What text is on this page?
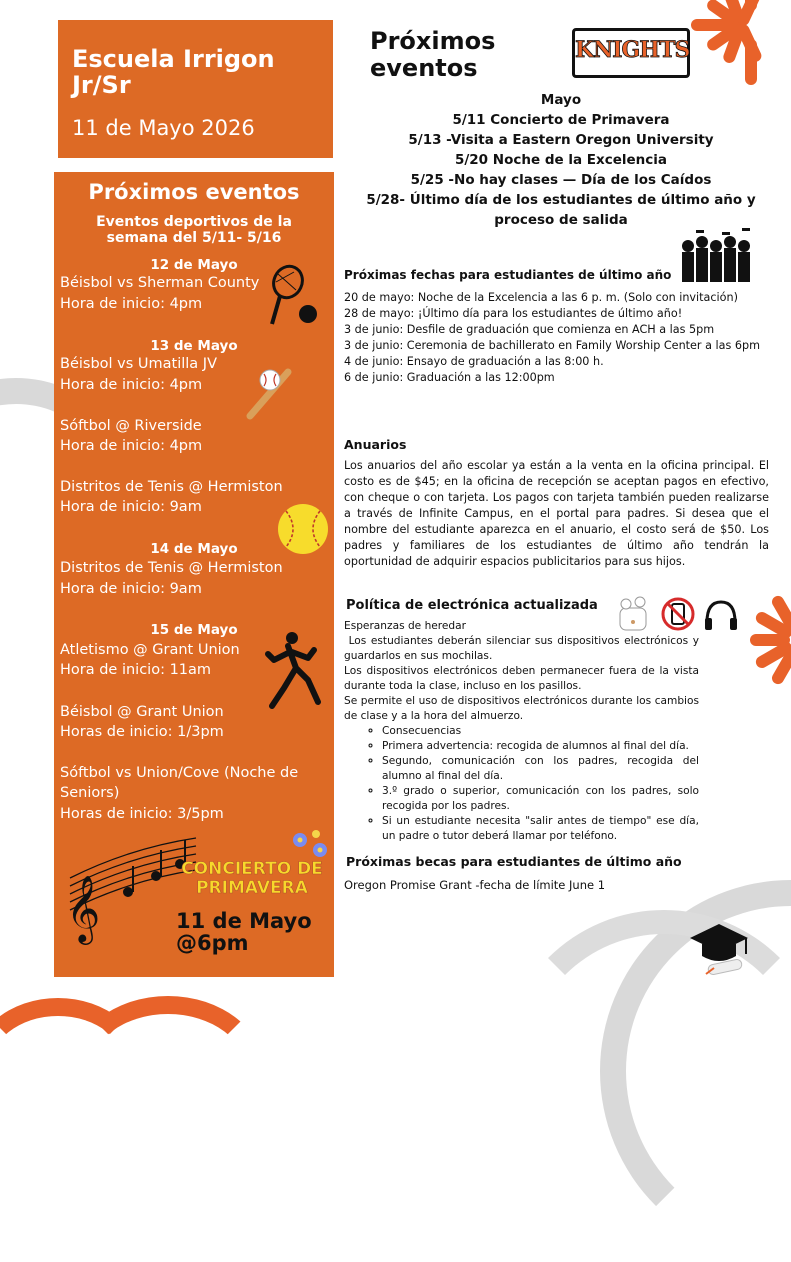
Escuela Irrigon Jr/Sr
11 de Mayo 2026
Próximos eventos
Eventos deportivos de la semana del 5/11- 5/16
12 de Mayo
Béisbol vs Sherman County
Hora de inicio: 4pm
13 de Mayo
Béisbol vs Umatilla JV
Hora de inicio: 4pm
Sóftbol @ Riverside
Hora de inicio: 4pm
Distritos de Tenis @ Hermiston
Hora de inicio: 9am
14 de Mayo
Distritos de Tenis @ Hermiston
Hora de inicio: 9am
15 de Mayo
Atletismo @ Grant Union
Hora de inicio: 11am
Béisbol @ Grant Union
Horas de inicio: 1/3pm
Sóftbol vs Union/Cove (Noche de
Seniors)
Horas de inicio: 3/5pm
𝄞
CONCIERTO DE
PRIMAVERA
11 de Mayo
@6pm
Próximos
eventos
KNIGHTS
Mayo
5/11 Concierto de Primavera
5/13 -Visita a Eastern Oregon University
5/20 Noche de la Excelencia
5/25 -No hay clases — Día de los Caídos
5/28- Último día de los estudiantes de último año y
proceso de salida
Próximas fechas para estudiantes de último año
20 de mayo: Noche de la Excelencia a las 6 p. m. (Solo con invitación)
28 de mayo: ¡Último día para los estudiantes de último año!
3 de junio: Desfile de graduación que comienza en ACH a las 5pm
3 de junio: Ceremonia de bachillerato en Family Worship Center a las 6pm
4 de junio: Ensayo de graduación a las 8:00 h.
6 de junio: Graduación a las 12:00pm
Anuarios
Los anuarios del año escolar ya están a la venta en la oficina principal. El costo es de $45; en la oficina de recepción se aceptan pagos en efectivo, con cheque o con tarjeta. Los pagos con tarjeta también pueden realizarse a través de Infinite Campus, en el portal para padres. Si desea que el nombre del estudiante aparezca en el anuario, el costo será de $50. Los padres y familiares de los estudiantes de último año tendrán la oportunidad de adquirir espacios publicitarios para sus hijos.
Política de electrónica actualizada
Esperanzas de heredar
Los estudiantes deberán silenciar sus dispositivos electrónicos y guardarlos en sus mochilas.
Los dispositivos electrónicos deben permanecer fuera de la vista durante toda la clase, incluso en los pasillos.
Se permite el uso de dispositivos electrónicos durante los cambios de clase y a la hora del almuerzo.
◦ Consecuencias
◦ Primera advertencia: recogida de alumnos al final del día.
◦ Segundo, comunicación con los padres, recogida del alumno al final del día.
◦ 3.º grado o superior, comunicación con los padres, solo recogida por los padres.
◦ Si un estudiante necesita "salir antes de tiempo" ese día, un padre o tutor deberá llamar por teléfono.
Próximas becas para estudiantes de último año
Oregon Promise Grant -fecha de límite June 1
